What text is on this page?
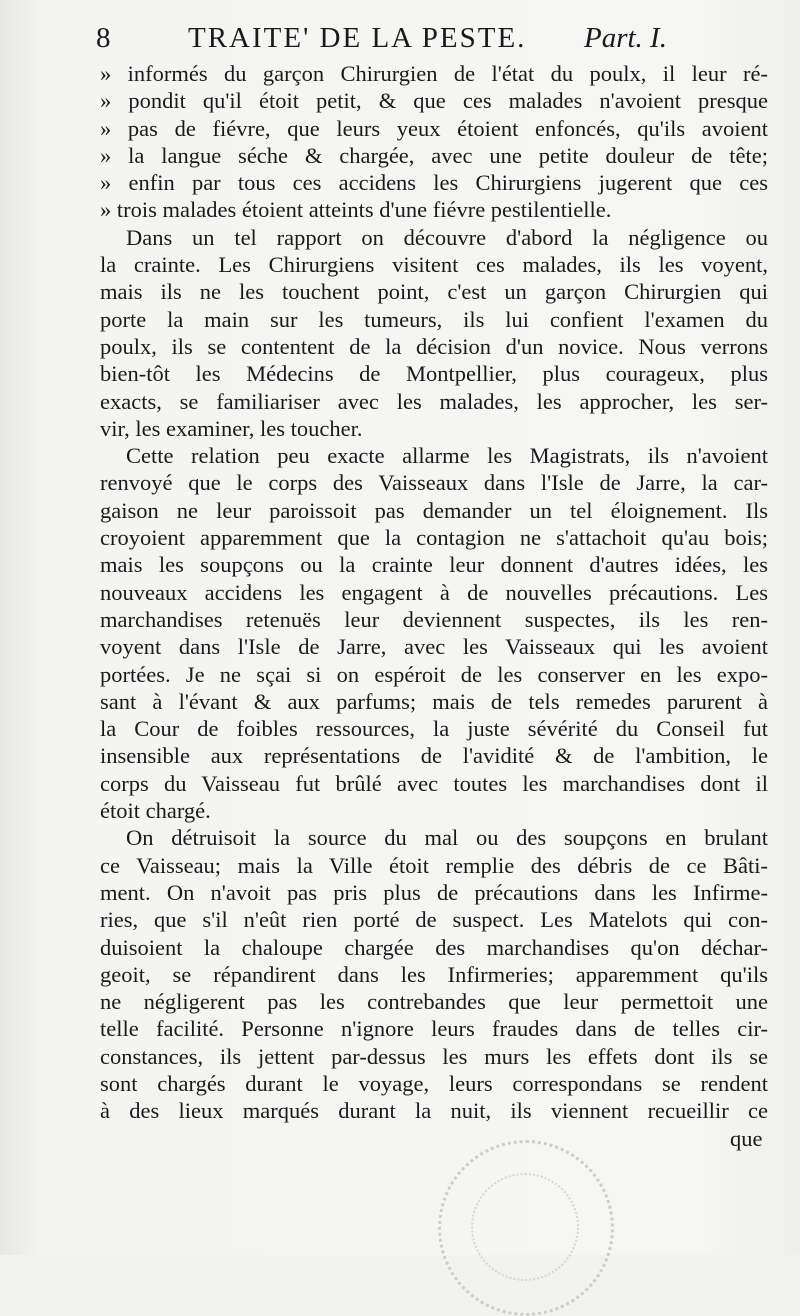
8	TRAITE' DE LA PESTE. Part. I.
» informés du garçon Chirurgien de l'état du poulx, il leur ré-
» pondit qu'il étoit petit, & que ces malades n'avoient presque
» pas de fiévre, que leurs yeux étoient enfoncés, qu'ils avoient
» la langue séche & chargée, avec une petite douleur de tête;
» enfin par tous ces accidens les Chirurgiens jugerent que ces
» trois malades étoient atteints d'une fiévre pestilentielle.
Dans un tel rapport on découvre d'abord la négligence ou
la crainte. Les Chirurgiens visitent ces malades, ils les voyent,
mais ils ne les touchent point, c'est un garçon Chirurgien qui
porte la main sur les tumeurs, ils lui confient l'examen du
poulx, ils se contentent de la décision d'un novice. Nous verrons
bien-tôt les Médecins de Montpellier, plus courageux, plus
exacts, se familiariser avec les malades, les approcher, les ser-
vir, les examiner, les toucher.
Cette relation peu exacte allarme les Magistrats, ils n'avoient
renvoyé que le corps des Vaisseaux dans l'Isle de Jarre, la car-
gaison ne leur paroissoit pas demander un tel éloignement. Ils
croyoient apparemment que la contagion ne s'attachoit qu'au bois;
mais les soupçons ou la crainte leur donnent d'autres idées, les
nouveaux accidens les engagent à de nouvelles précautions. Les
marchandises retenuës leur deviennent suspectes, ils les ren-
voyent dans l'Isle de Jarre, avec les Vaisseaux qui les avoient
portées. Je ne sçai si on espéroit de les conserver en les expo-
sant à l'évant & aux parfums; mais de tels remedes parurent à
la Cour de foibles ressources, la juste sévérité du Conseil fut
insensible aux représentations de l'avidité & de l'ambition, le
corps du Vaisseau fut brûlé avec toutes les marchandises dont il
étoit chargé.
On détruisoit la source du mal ou des soupçons en brulant
ce Vaisseau; mais la Ville étoit remplie des débris de ce Bâti-
ment. On n'avoit pas pris plus de précautions dans les Infirme-
ries, que s'il n'eût rien porté de suspect. Les Matelots qui con-
duisoient la chaloupe chargée des marchandises qu'on déchar-
geoit, se répandirent dans les Infirmeries; apparemment qu'ils
ne négligerent pas les contrebandes que leur permettoit une
telle facilité. Personne n'ignore leurs fraudes dans de telles cir-
constances, ils jettent par-dessus les murs les effets dont ils se
sont chargés durant le voyage, leurs correspondans se rendent
à des lieux marqués durant la nuit, ils viennent recueillir ce
que
